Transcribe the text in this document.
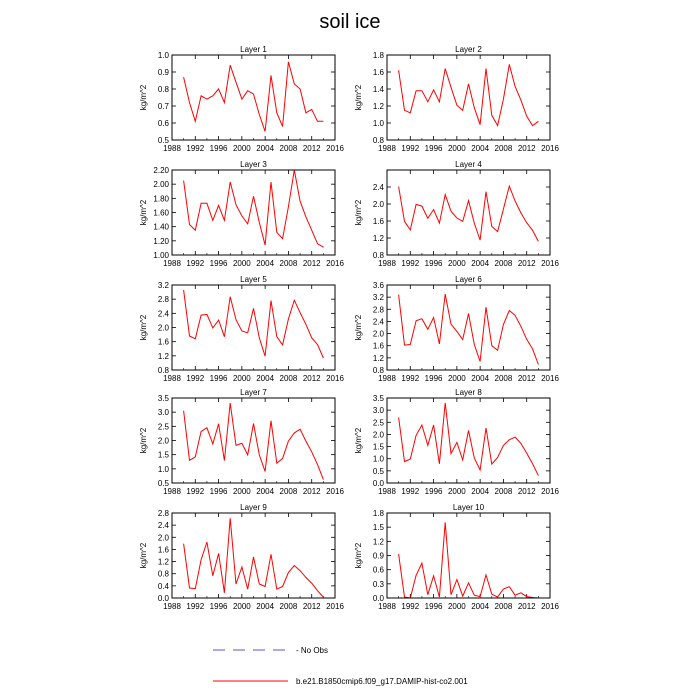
soil ice
Layer 1
1988 1992 1996 2000 2004 2008 2012 2016
0.5
0.6
0.7
0.8
0.9
1.0
kg/m^2
Layer 2
1988 1992 1996 2000 2004 2008 2012 2016
0.8
1.0
1.2
1.4
1.6
1.8
kg/m^2
Layer 3
1988 1992 1996 2000 2004 2008 2012 2016
1.00
1.20
1.40
1.60
1.80
2.00
2.20
kg/m^2
Layer 4
1988 1992 1996 2000 2004 2008 2012 2016
0.8
1.2
1.6
2.0
2.4
kg/m^2
Layer 5
1988 1992 1996 2000 2004 2008 2012 2016
0.8
1.2
1.6
2.0
2.4
2.8
3.2
kg/m^2
Layer 6
1988 1992 1996 2000 2004 2008 2012 2016
0.8
1.2
1.6
2.0
2.4
2.8
3.2
3.6
kg/m^2
Layer 7
1988 1992 1996 2000 2004 2008 2012 2016
0.5
1.0
1.5
2.0
2.5
3.0
3.5
kg/m^2
Layer 8
1988 1992 1996 2000 2004 2008 2012 2016
0.0
0.5
1.0
1.5
2.0
2.5
3.0
3.5
kg/m^2
Layer 9
1988 1992 1996 2000 2004 2008 2012 2016
0.0
0.4
0.8
1.2
1.6
2.0
2.4
2.8
kg/m^2
Layer 10
1988 1992 1996 2000 2004 2008 2012 2016
0.0
0.3
0.6
0.9
1.2
1.5
1.8
kg/m^2
- No Obs
b.e21.B1850cmip6.f09_g17.DAMIP-hist-co2.001
